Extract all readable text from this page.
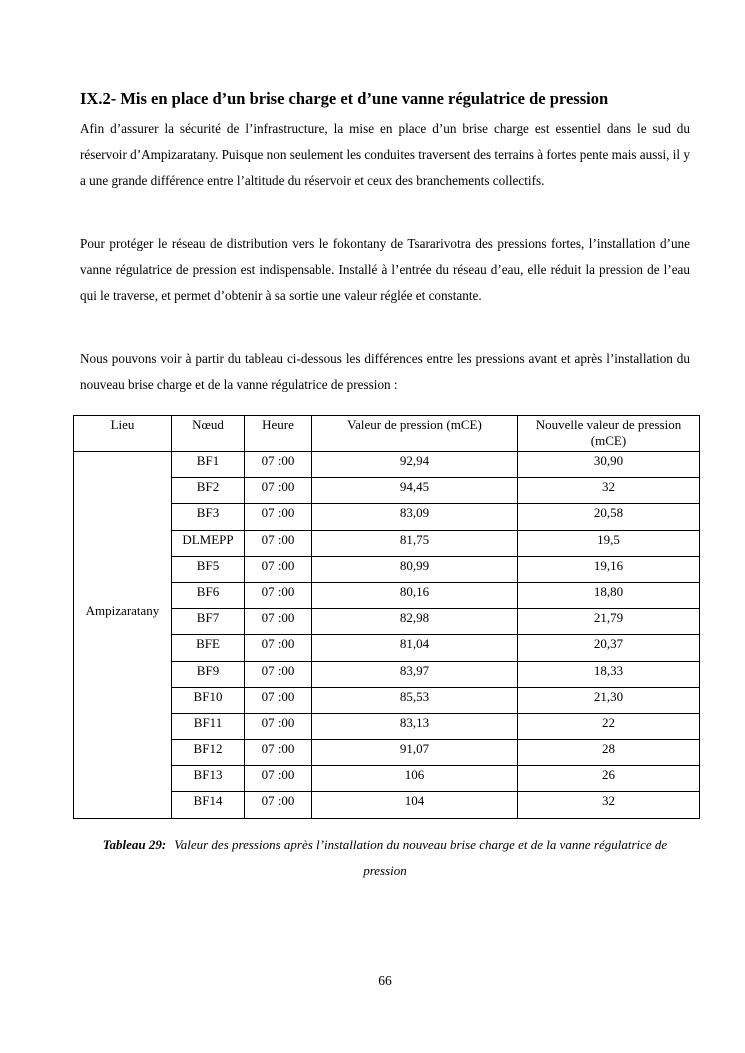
IX.2- Mis en place d’un brise charge et d’une vanne régulatrice de pression

Afin d’assurer la sécurité de l’infrastructure, la mise en place d’un brise charge est essentiel dans le sud du réservoir d’Ampizaratany. Puisque non seulement les conduites traversent des terrains à fortes pente mais aussi, il y a une grande différence entre l’altitude du réservoir et ceux des branchements collectifs.

Pour protéger le réseau de distribution vers le fokontany de Tsararivotra des pressions fortes, l’installation d’une vanne régulatrice de pression est indispensable. Installé à l’entrée du réseau d’eau, elle réduit la pression de l’eau qui le traverse, et permet d’obtenir à sa sortie une valeur réglée et constante.

Nous pouvons voir à partir du tableau ci-dessous les différences entre les pressions avant et après l’installation du nouveau brise charge et de la vanne régulatrice de pression :

Lieu	Nœud	Heure	Valeur de pression (mCE)	Nouvelle valeur de pression (mCE)
Ampizaratany	BF1	07 :00	92,94	30,90
	BF2	07 :00	94,45	32
	BF3	07 :00	83,09	20,58
	DLMEPP	07 :00	81,75	19,5
	BF5	07 :00	80,99	19,16
	BF6	07 :00	80,16	18,80
	BF7	07 :00	82,98	21,79
	BFE	07 :00	81,04	20,37
	BF9	07 :00	83,97	18,33
	BF10	07 :00	85,53	21,30
	BF11	07 :00	83,13	22
	BF12	07 :00	91,07	28
	BF13	07 :00	106	26
	BF14	07 :00	104	32
Tableau 29: Valeur des pressions après l’installation du nouveau brise charge et de la vanne régulatrice de pression
66
